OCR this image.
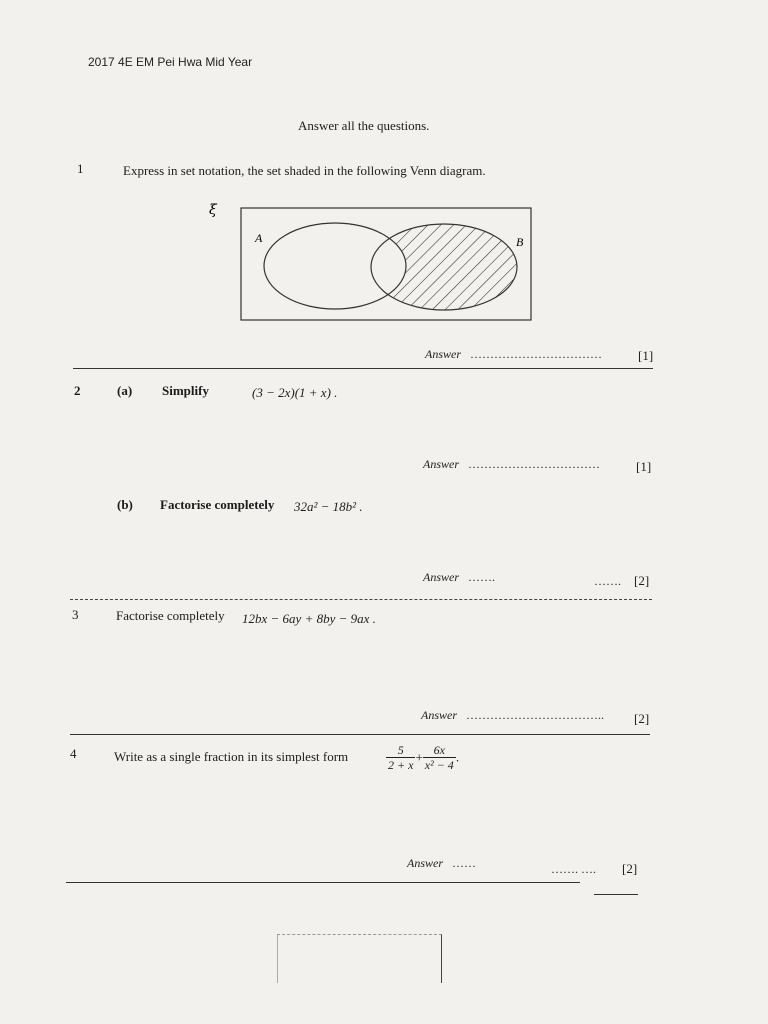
2017 4E EM Pei Hwa Mid Year
Answer all the questions.
1	Express in set notation, the set shaded in the following Venn diagram.
ξ
A	B
Answer ……………………………	[1]
2	(a) Simplify	(3 − 2x)(1 + x) .
Answer ……………………………	[1]
(b) Factorise completely 32a² − 18b² .
Answer …….	……. [2]
3	Factorise completely 12bx − 6ay + 8by − 9ax .
Answer …………………………….. [2]
4	Write as a single fraction in its simplest form	$\frac{5}{2 + x} + \frac{6x}{\text{x² − 4}}$ .
Answer ……	……. …. [2]
